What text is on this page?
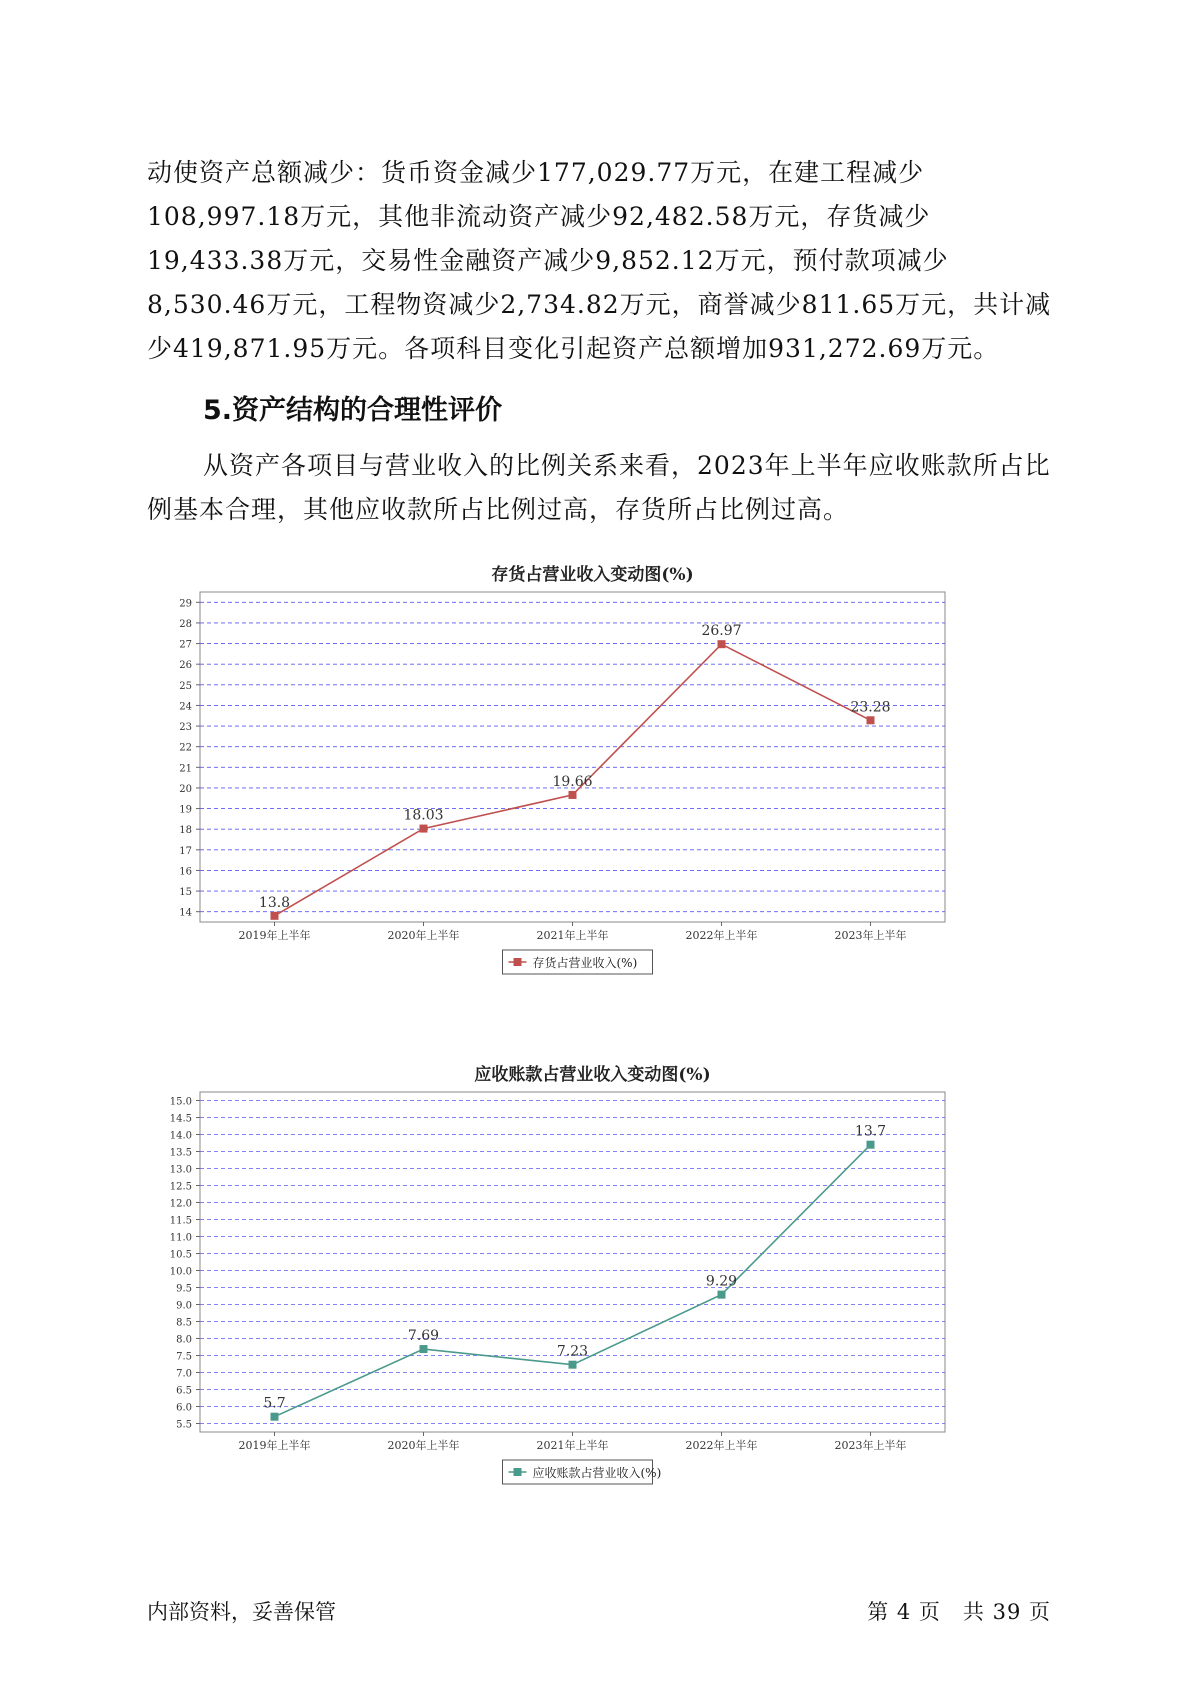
动使资产总额减少：货币资金减少177,029.77万元，在建工程减少108,997.18万元，其他非流动资产减少92,482.58万元，存货减少19,433.38万元，交易性金融资产减少9,852.12万元，预付款项减少8,530.46万元，工程物资减少2,734.82万元，商誉减少811.65万元，共计减少419,871.95万元。各项科目变化引起资产总额增加931,272.69万元。

5.资产结构的合理性评价

从资产各项目与营业收入的比例关系来看，2023年上半年应收账款所占比例基本合理，其他应收款所占比例过高，存货所占比例过高。

存货占营业收入变动图(%)
14
15
16
17
18
19
20
21
22
23
24
25
26
27
28
29
2019年上半年	2020年上半年	2021年上半年	2022年上半年	2023年上半年
13.8
18.03
19.66
26.97
23.28
存货占营业收入(%)
应收账款占营业收入变动图(%)
5.5
6.0
6.5
7.0
7.5
8.0
8.5
9.0
9.5
10.0
10.5
11.0
11.5
12.0
12.5
13.0
13.5
14.0
14.5
15.0
2019年上半年	2020年上半年	2021年上半年	2022年上半年	2023年上半年
5.7
7.69
7.23
9.29
13.7
应收账款占营业收入(%)
内部资料，妥善保管	第 4 页　共 39 页
